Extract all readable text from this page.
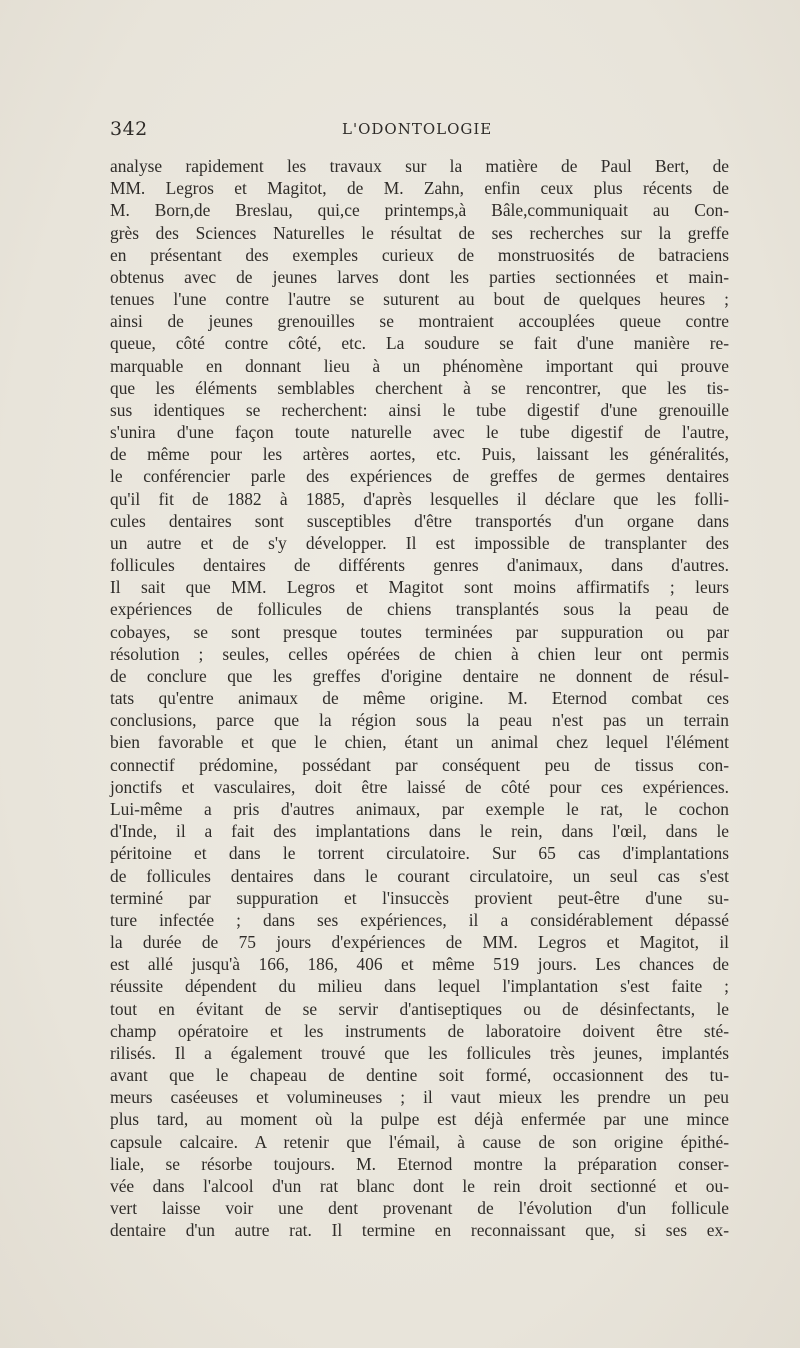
342	L'ODONTOLOGIE
analyse rapidement les travaux sur la matière de Paul Bert, de
MM. Legros et Magitot, de M. Zahn, enfin ceux plus récents de
M. Born,de Breslau, qui,ce printemps,à Bâle,communiquait au Con-
grès des Sciences Naturelles le résultat de ses recherches sur la greffe
en présentant des exemples curieux de monstruosités de batraciens
obtenus avec de jeunes larves dont les parties sectionnées et main-
tenues l'une contre l'autre se suturent au bout de quelques heures ;
ainsi de jeunes grenouilles se montraient accouplées queue contre
queue, côté contre côté, etc. La soudure se fait d'une manière re-
marquable en donnant lieu à un phénomène important qui prouve
que les éléments semblables cherchent à se rencontrer, que les tis-
sus identiques se recherchent: ainsi le tube digestif d'une grenouille
s'unira d'une façon toute naturelle avec le tube digestif de l'autre,
de même pour les artères aortes, etc. Puis, laissant les généralités,
le conférencier parle des expériences de greffes de germes dentaires
qu'il fit de 1882 à 1885, d'après lesquelles il déclare que les folli-
cules dentaires sont susceptibles d'être transportés d'un organe dans
un autre et de s'y développer. Il est impossible de transplanter des
follicules dentaires de différents genres d'animaux, dans d'autres.
Il sait que MM. Legros et Magitot sont moins affirmatifs ; leurs
expériences de follicules de chiens transplantés sous la peau de
cobayes, se sont presque toutes terminées par suppuration ou par
résolution ; seules, celles opérées de chien à chien leur ont permis
de conclure que les greffes d'origine dentaire ne donnent de résul-
tats qu'entre animaux de même origine. M. Eternod combat ces
conclusions, parce que la région sous la peau n'est pas un terrain
bien favorable et que le chien, étant un animal chez lequel l'élément
connectif prédomine, possédant par conséquent peu de tissus con-
jonctifs et vasculaires, doit être laissé de côté pour ces expériences.
Lui-même a pris d'autres animaux, par exemple le rat, le cochon
d'Inde, il a fait des implantations dans le rein, dans l'œil, dans le
péritoine et dans le torrent circulatoire. Sur 65 cas d'implantations
de follicules dentaires dans le courant circulatoire, un seul cas s'est
terminé par suppuration et l'insuccès provient peut-être d'une su-
ture infectée ; dans ses expériences, il a considérablement dépassé
la durée de 75 jours d'expériences de MM. Legros et Magitot, il
est allé jusqu'à 166, 186, 406 et même 519 jours. Les chances de
réussite dépendent du milieu dans lequel l'implantation s'est faite ;
tout en évitant de se servir d'antiseptiques ou de désinfectants, le
champ opératoire et les instruments de laboratoire doivent être sté-
rilisés. Il a également trouvé que les follicules très jeunes, implantés
avant que le chapeau de dentine soit formé, occasionnent des tu-
meurs caséeuses et volumineuses ; il vaut mieux les prendre un peu
plus tard, au moment où la pulpe est déjà enfermée par une mince
capsule calcaire. A retenir que l'émail, à cause de son origine épithé-
liale, se résorbe toujours. M. Eternod montre la préparation conser-
vée dans l'alcool d'un rat blanc dont le rein droit sectionné et ou-
vert laisse voir une dent provenant de l'évolution d'un follicule
dentaire d'un autre rat. Il termine en reconnaissant que, si ses ex-
